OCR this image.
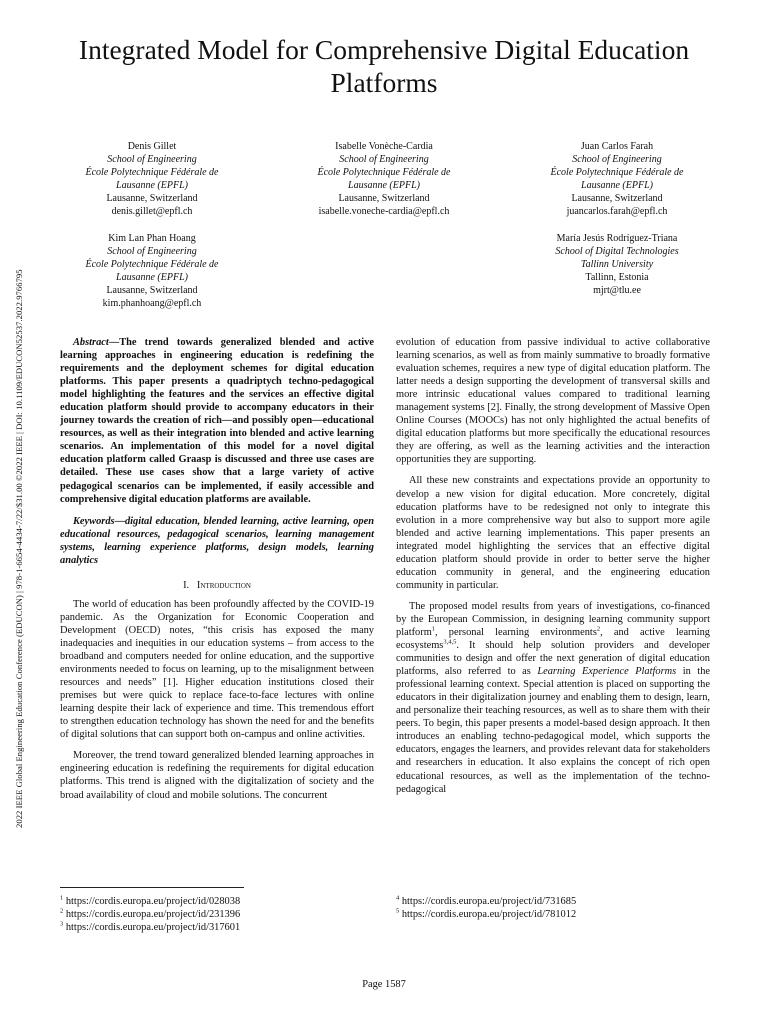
Integrated Model for Comprehensive Digital Education Platforms
2022 IEEE Global Engineering Education Conference (EDUCON) | 978-1-6654-4434-7/22/$31.00 ©2022 IEEE | DOI: 10.1109/EDUCON52537.2022.9766795
Denis Gillet
School of Engineering
École Polytechnique Fédérale de
Lausanne (EPFL)
Lausanne, Switzerland
denis.gillet@epfl.ch
Isabelle Vonèche-Cardia
School of Engineering
École Polytechnique Fédérale de
Lausanne (EPFL)
Lausanne, Switzerland
isabelle.voneche-cardia@epfl.ch
Juan Carlos Farah
School of Engineering
École Polytechnique Fédérale de
Lausanne (EPFL)
Lausanne, Switzerland
juancarlos.farah@epfl.ch
Kim Lan Phan Hoang
School of Engineering
École Polytechnique Fédérale de
Lausanne (EPFL)
Lausanne, Switzerland
kim.phanhoang@epfl.ch
María Jesús Rodríguez-Triana
School of Digital Technologies
Tallinn University
Tallinn, Estonia
mjrt@tlu.ee

Abstract—The trend towards generalized blended and active learning approaches in engineering education is redefining the requirements and the deployment schemes for digital education platforms. This paper presents a quadriptych techno-pedagogical model highlighting the features and the services an effective digital education platform should provide to accompany educators in their journey towards the creation of rich—and possibly open—educational resources, as well as their integration into blended and active learning scenarios. An implementation of this model for a novel digital education platform called Graasp is discussed and three use cases are detailed. These use cases show that a large variety of active pedagogical scenarios can be implemented, if easily accessible and comprehensive digital education platforms are available.

Keywords—digital education, blended learning, active learning, open educational resources, pedagogical scenarios, learning management systems, learning experience platforms, design models, learning analytics

I. Introduction

The world of education has been profoundly affected by the COVID-19 pandemic. As the Organization for Economic Cooperation and Development (OECD) notes, “this crisis has exposed the many inadequacies and inequities in our education systems – from access to the broadband and computers needed for online education, and the supportive environments needed to focus on learning, up to the misalignment between resources and needs” [1]. Higher education institutions closed their premises but were quick to replace face-to-face lectures with online learning despite their lack of experience and time. This tremendous effort to strengthen education technology has shown the need for and the benefits of digital solutions that can support both on-campus and online activities.

Moreover, the trend toward generalized blended learning approaches in engineering education is redefining the requirements for digital education platforms. This trend is aligned with the digitalization of society and the broad availability of cloud and mobile solutions. The concurrent

evolution of education from passive individual to active collaborative learning scenarios, as well as from mainly summative to broadly formative evaluation schemes, requires a new type of digital education platform. The latter needs a design supporting the development of transversal skills and more intrinsic educational values compared to traditional learning management systems [2]. Finally, the strong development of Massive Open Online Courses (MOOCs) has not only highlighted the actual benefits of digital education platforms but more specifically the educational resources they are offering, as well as the learning activities and the interaction opportunities they are supporting.

All these new constraints and expectations provide an opportunity to develop a new vision for digital education. More concretely, digital education platforms have to be redesigned not only to integrate this evolution in a more comprehensive way but also to support more agile blended and active learning implementations. This paper presents an integrated model highlighting the services that an effective digital education platform should provide in order to better serve the higher education community in general, and the engineering education community in particular.

The proposed model results from years of investigations, co-financed by the European Commission, in designing learning community support platform$^1$, personal learning environments$^2$, and active learning ecosystems$^{3,4,5}$. It should help solution providers and developer communities to design and offer the next generation of digital education platforms, also referred to as Learning Experience Platforms in the professional learning context. Special attention is placed on supporting the educators in their digitalization journey and enabling them to design, learn, and personalize their teaching resources, as well as to share them with their peers. To begin, this paper presents a model-based design approach. It then introduces an enabling techno-pedagogical model, which supports the educators, engages the learners, and provides relevant data for stakeholders and researchers in education. It also explains the concept of rich open educational resources, as well as the implementation of the techno-pedagogical

$^1$ https://cordis.europa.eu/project/id/028038
$^2$ https://cordis.europa.eu/project/id/231396
$^3$ https://cordis.europa.eu/project/id/317601
$^4$ https://cordis.europa.eu/project/id/731685
$^5$ https://cordis.europa.eu/project/id/781012
Page 1587
